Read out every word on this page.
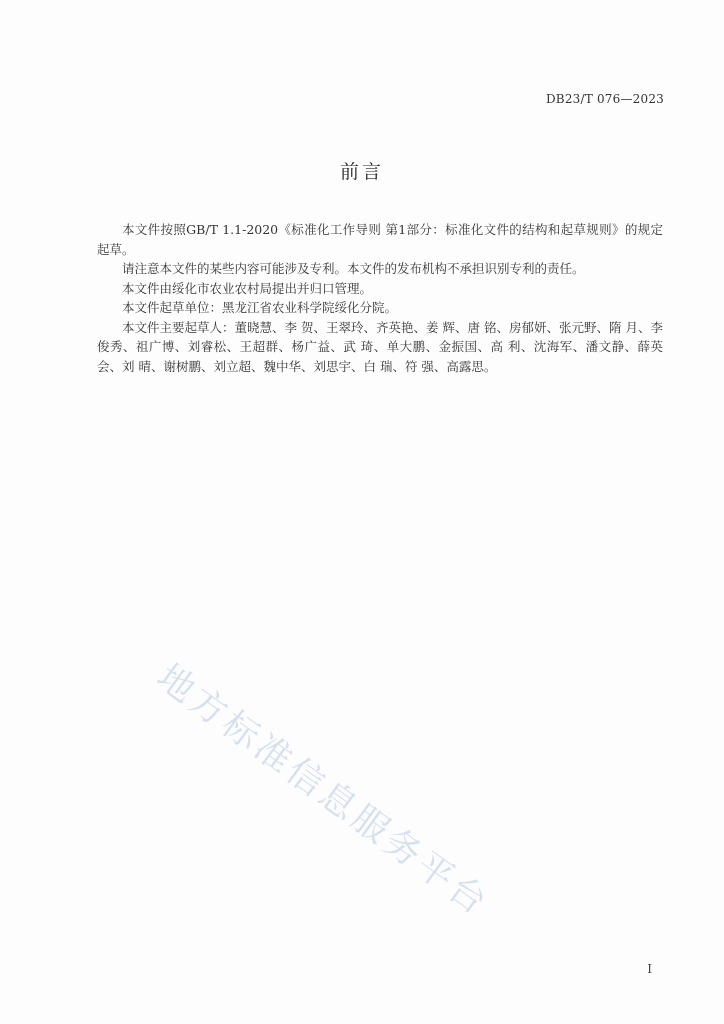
DB23/T 076—2023
前言

本文件按照GB/T 1.1-2020《标准化工作导则 第1部分：标准化文件的结构和起草规则》的规定起草。

请注意本文件的某些内容可能涉及专利。本文件的发布机构不承担识别专利的责任。

本文件由绥化市农业农村局提出并归口管理。

本文件起草单位：黑龙江省农业科学院绥化分院。

本文件主要起草人：董晓慧、李 贺、王翠玲、齐英艳、姜 辉、唐 铭、房郁妍、张元野、隋 月、李俊秀、祖广博、刘睿松、王超群、杨广益、武 琦、单大鹏、金振国、高 利、沈海军、潘文静、薛英会、刘 晴、谢树鹏、刘立超、魏中华、刘思宇、白 瑞、符 强、高露思。

地方标准信息服务平台
I
